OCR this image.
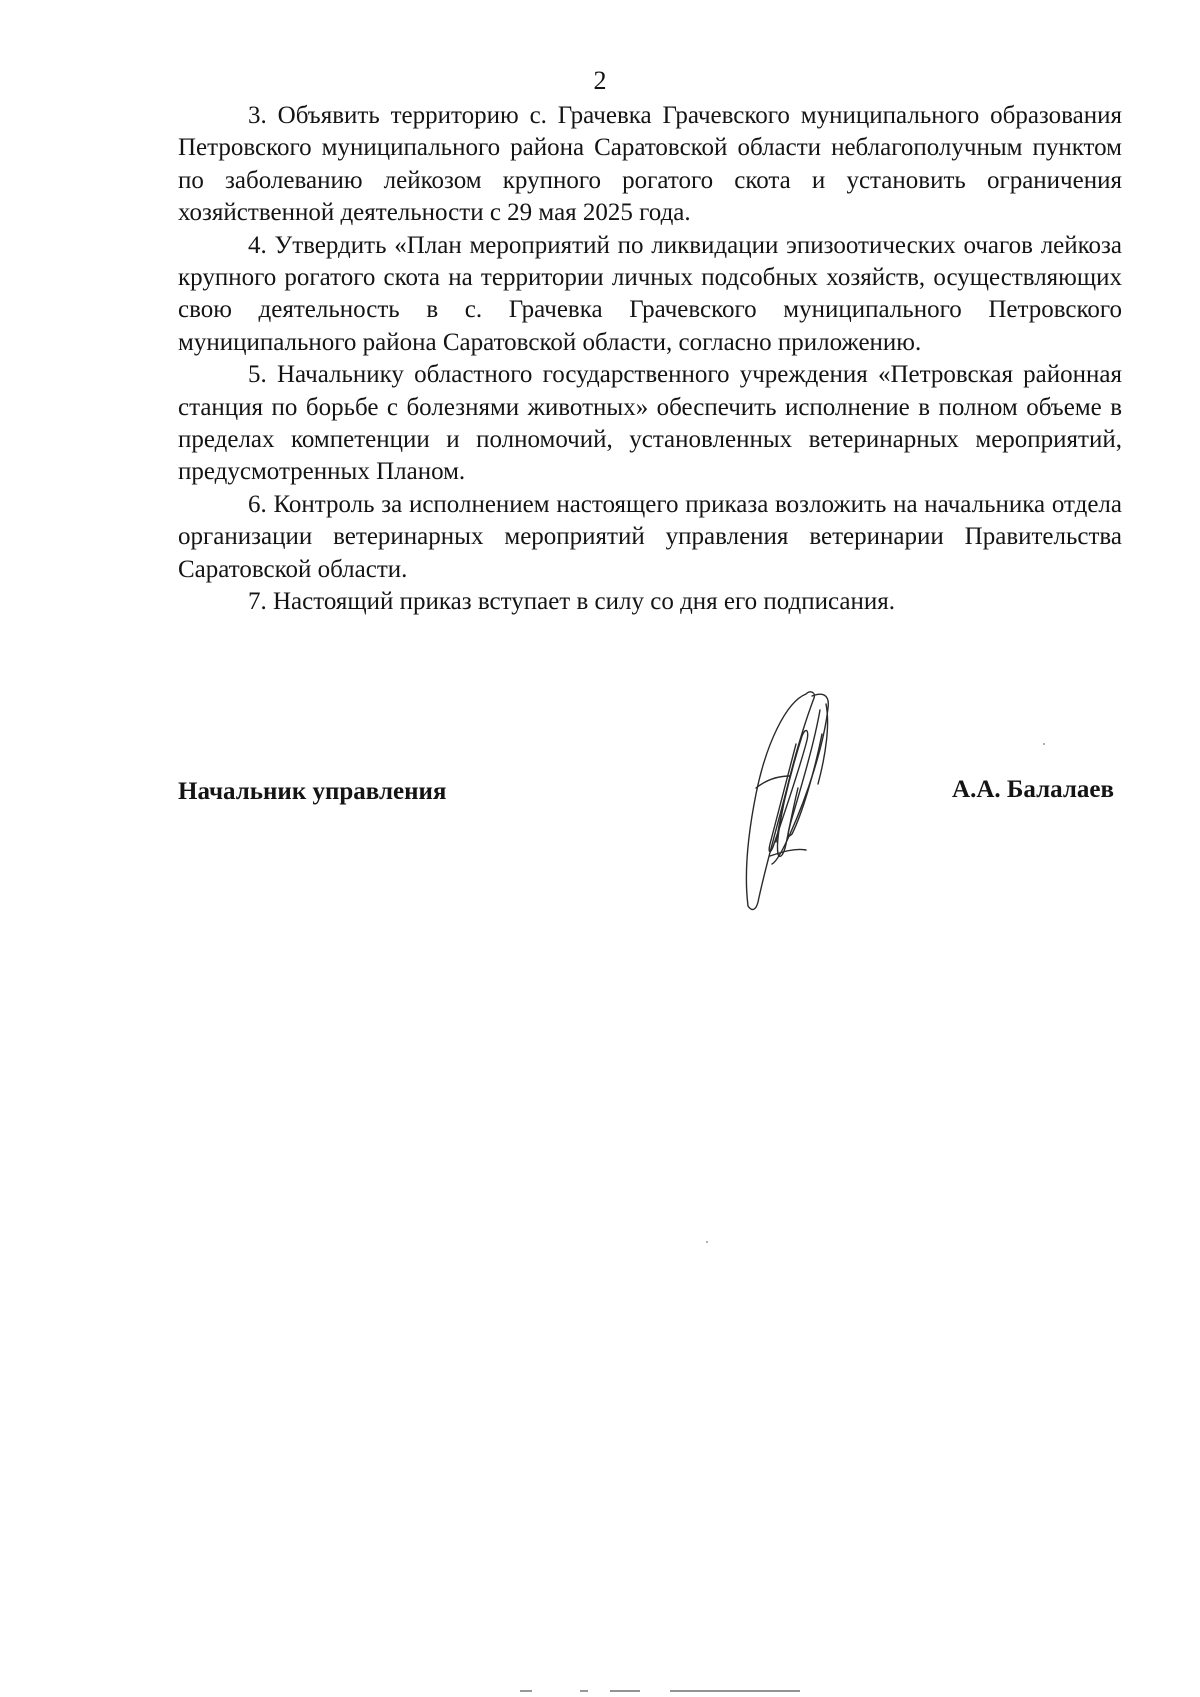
2

3. Объявить территорию с. Грачевка Грачевского муниципального образования Петровского муниципального района Саратовской области неблагополучным пунктом по заболеванию лейкозом крупного рогатого скота и установить ограничения хозяйственной деятельности с 29 мая 2025 года.

4. Утвердить «План мероприятий по ликвидации эпизоотических очагов лейкоза крупного рогатого скота на территории личных подсобных хозяйств, осуществляющих свою деятельность в с. Грачевка Грачевского муниципального Петровского муниципального района Саратовской области, согласно приложению.

5. Начальнику областного государственного учреждения «Петровская районная станция по борьбе с болезнями животных» обеспечить исполнение в полном объеме в пределах компетенции и полномочий, установленных ветеринарных мероприятий, предусмотренных Планом.

6. Контроль за исполнением настоящего приказа возложить на начальника отдела организации ветеринарных мероприятий управления ветеринарии Правительства Саратовской области.

7. Настоящий приказ вступает в силу со дня его подписания.

Начальник управления	А.А. Балалаев
